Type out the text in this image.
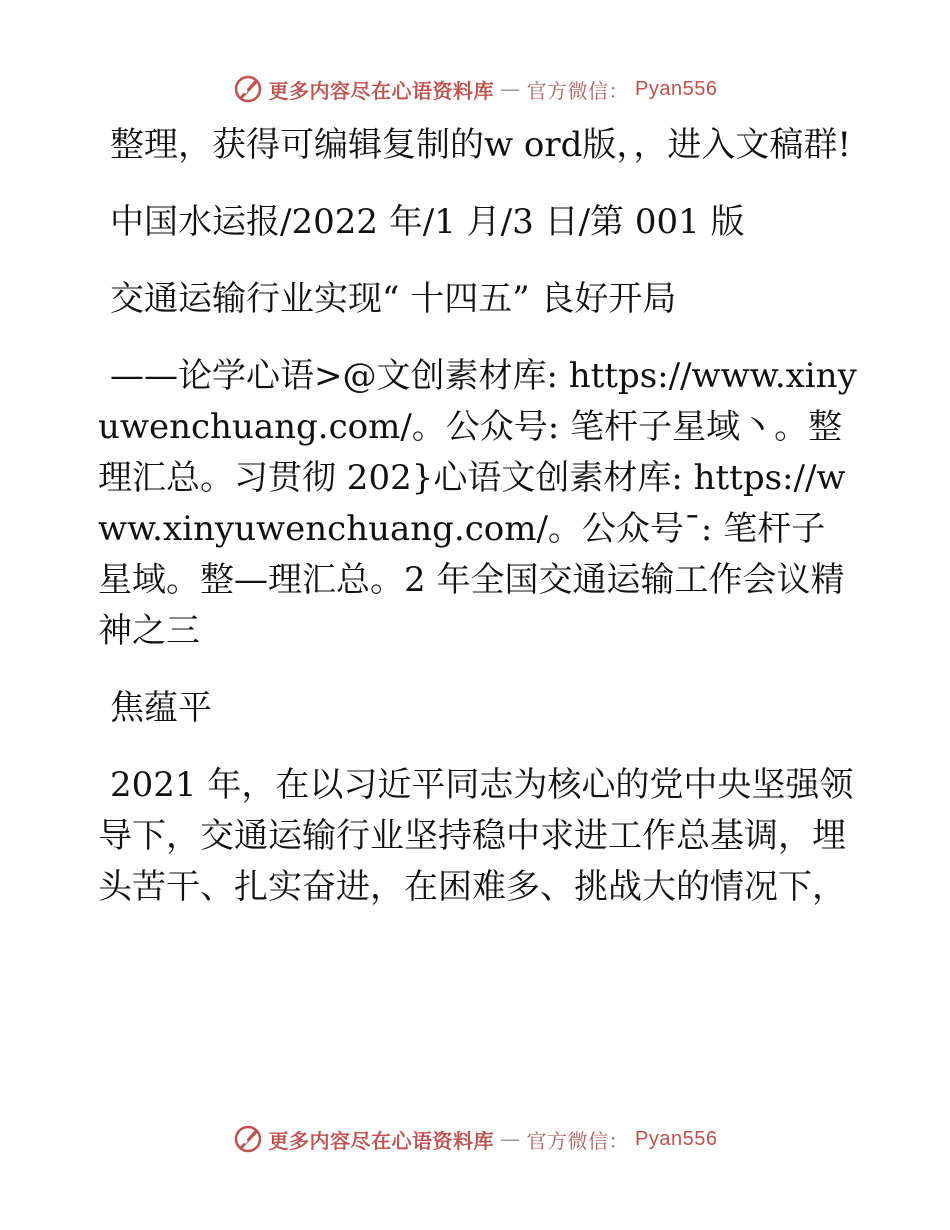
更多内容尽在心语资料库 — 官方微信： Pyan556

整理，获得可编辑复制的w ord版，，进入文稿群!

中国水运报/2022 年/1 月/3 日/第 001 版

交通运输行业实现“ 十四五” 良好开局

——论学心语>@文创素材库: https://www.xinyuwenchuang.com/。公众号: 笔杆子星域丶。整理汇总。习贯彻 202}心语文创素材库: https://www.xinyuwenchuang.com/。公众号¯: 笔杆子星域。整—理汇总。2 年全国交通运输工作会议精神之三

焦蕴平

2021 年，在以习近平同志为核心的党中央坚强领导下，交通运输行业坚持稳中求进工作总基调，埋头苦干、扎实奋进，在困难多、挑战大的情况下，

更多内容尽在心语资料库 — 官方微信： Pyan556
